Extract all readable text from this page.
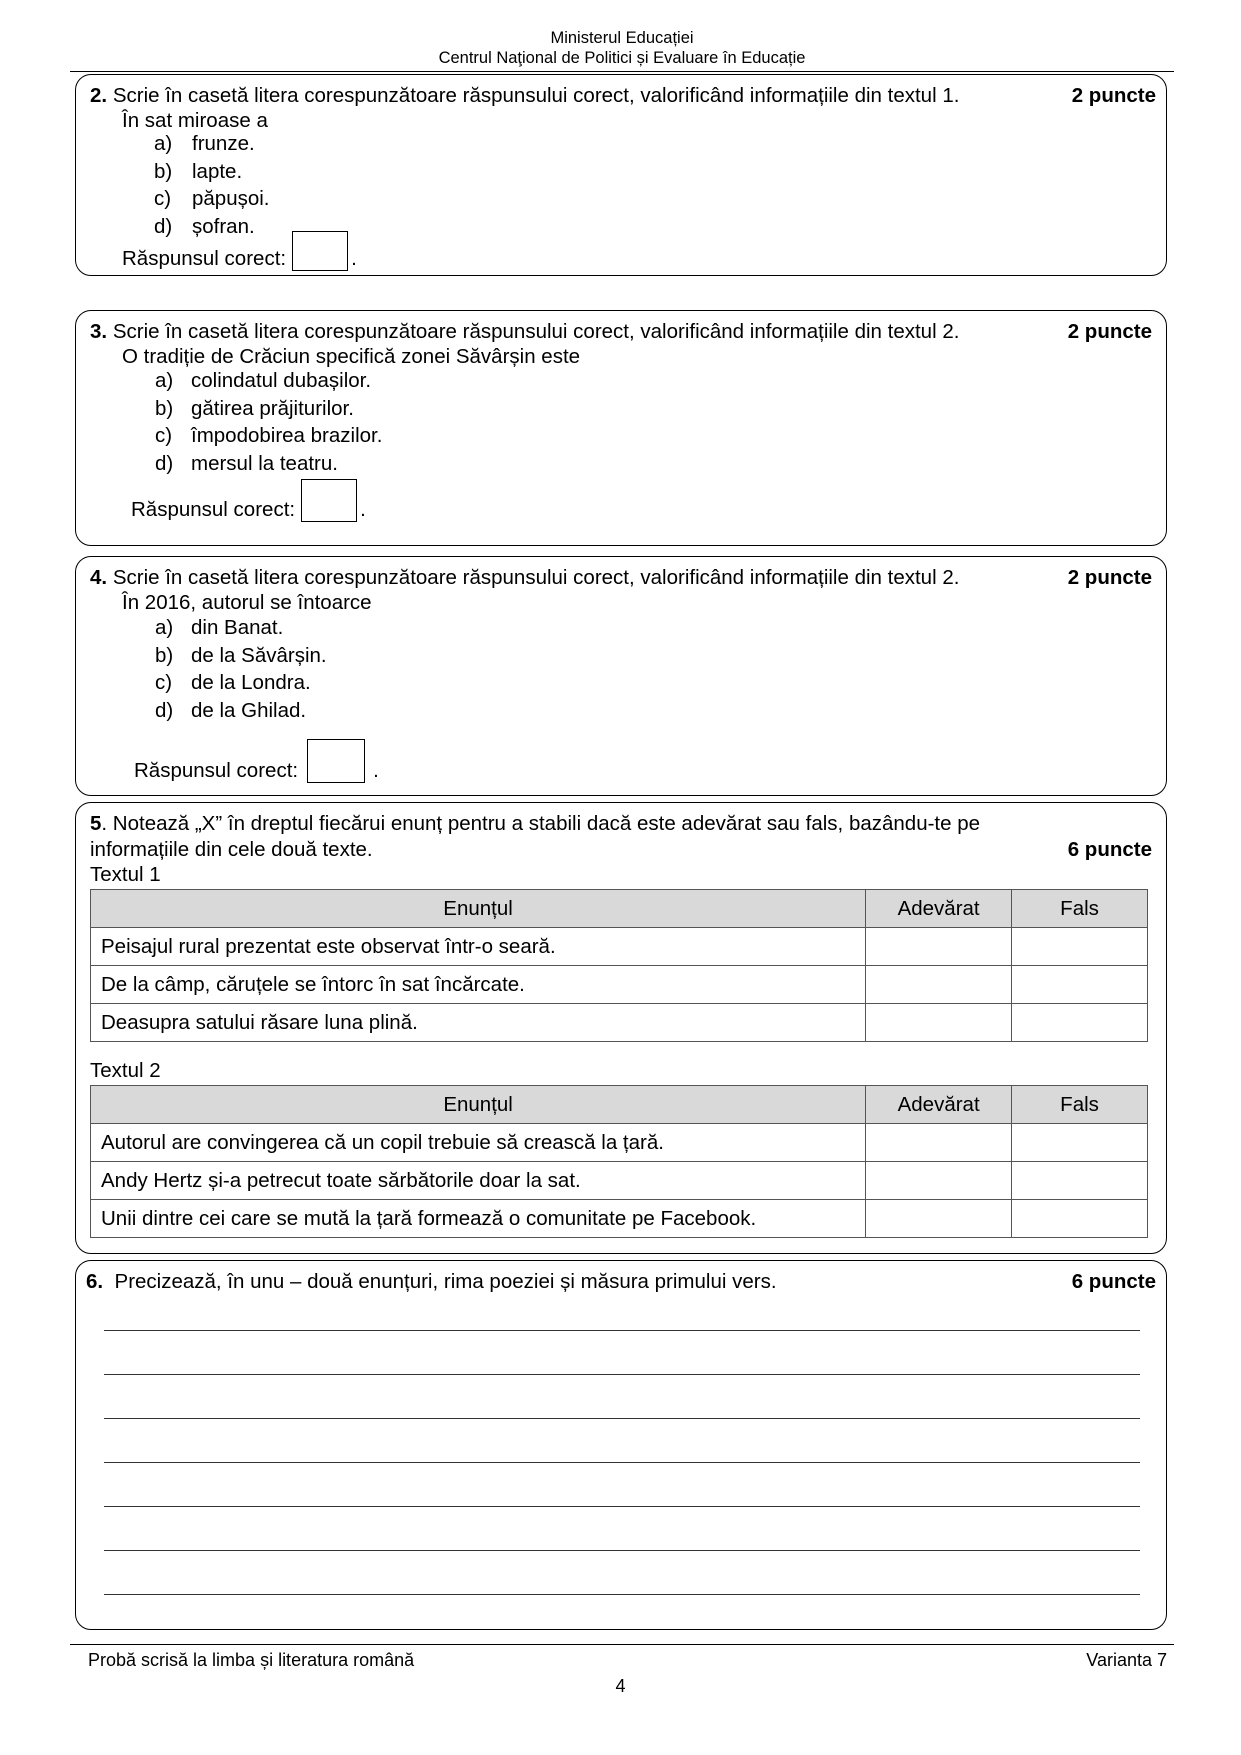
Ministerul Educației
Centrul Naţional de Politici și Evaluare în Educație
2. Scrie în casetă litera corespunzătoare răspunsului corect, valorificând informațiile din textul 1.	2 puncte
În sat miroase a
a) frunze.
b) lapte.
c)	păpușoi.
d) șofran.
Răspunsul corect:	.
3. Scrie în casetă litera corespunzătoare răspunsului corect, valorificând informațiile din textul 2.	2 puncte
O tradiție de Crăciun specifică zonei Săvârșin este
a) colindatul dubașilor.
b) gătirea prăjiturilor.
c) împodobirea brazilor.
d) mersul la teatru.
Răspunsul corect:	.
4. Scrie în casetă litera corespunzătoare răspunsului corect, valorificând informațiile din textul 2.	2 puncte
În 2016, autorul se întoarce
a) din Banat.
b) de la Săvârșin.
c) de la Londra.
d) de la Ghilad.
Răspunsul corect:	.
5. Notează „X” în dreptul fiecărui enunț pentru a stabili dacă este adevărat sau fals, bazându-te pe
informațiile din cele două texte.	6 puncte
Textul 1
Enunțul	Adevărat	Fals
Peisajul rural prezentat este observat într-o seară.		
De la câmp, căruțele se întorc în sat încărcate.		
Deasupra satului răsare luna plină.		
Textul 2
Enunțul	Adevărat	Fals
Autorul are convingerea că un copil trebuie să crească la țară.		
Andy Hertz și-a petrecut toate sărbătorile doar la sat.		
Unii dintre cei care se mută la țară formează o comunitate pe Facebook.		
6. Precizează, în unu – două enunțuri, rima poeziei și măsura primului vers.	6 puncte
Probă scrisă la limba și literatura română	Varianta 7
4
